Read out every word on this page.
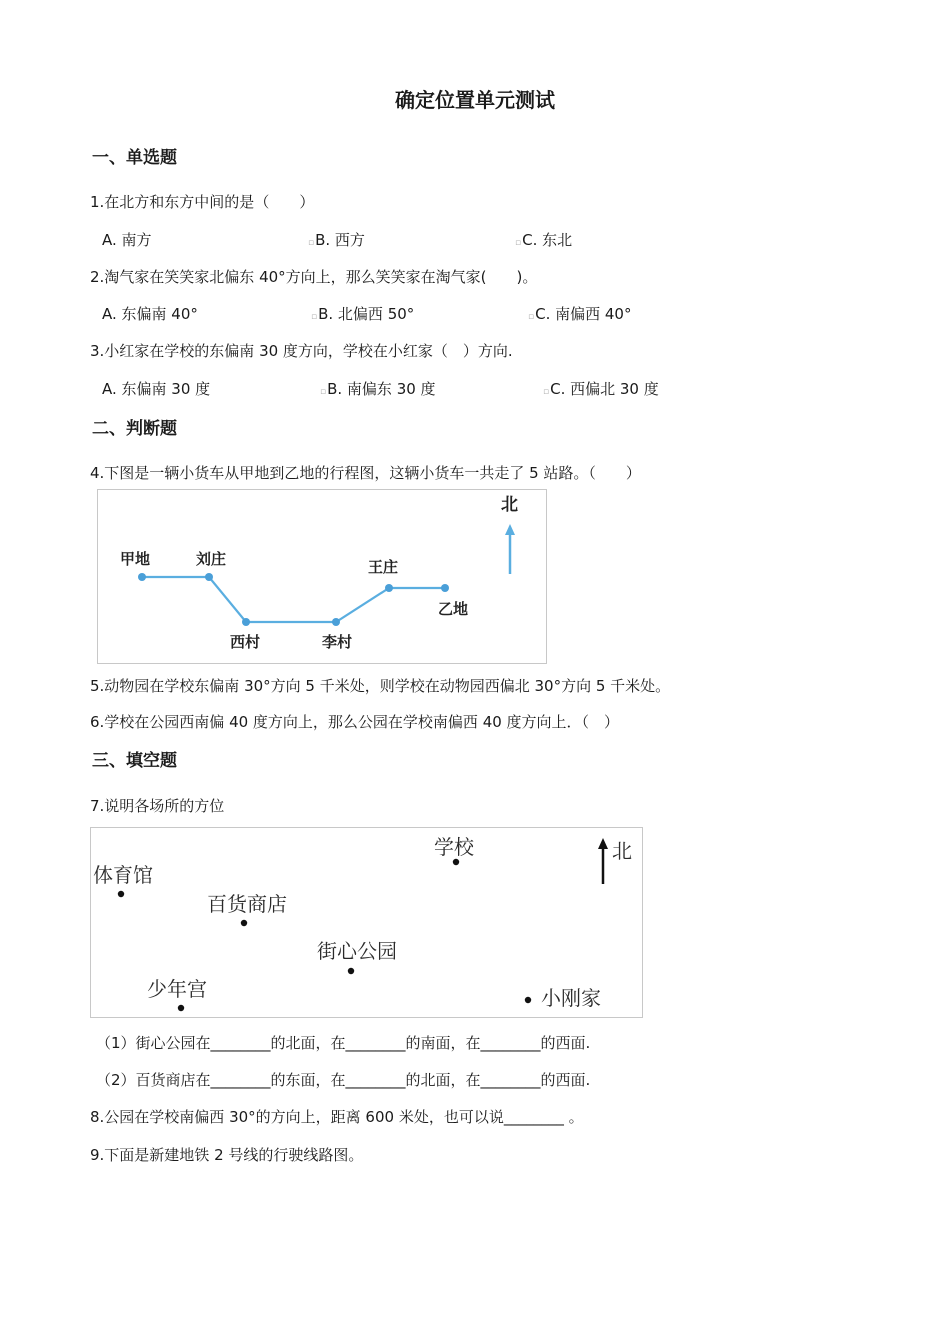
确定位置单元测试
一、单选题
1.在北方和东方中间的是（　　）
A. 南方	▫B. 西方	▫C. 东北
2.淘气家在笑笑家北偏东 40°方向上，那么笑笑家在淘气家(　　)。
A. 东偏南 40°	▫B. 北偏西 50°	▫C. 南偏西 40°
3.小红家在学校的东偏南 30 度方向，学校在小红家（　）方向.
A. 东偏南 30 度	▫B. 南偏东 30 度	▫C. 西偏北 30 度
二、判断题
4.下图是一辆小货车从甲地到乙地的行程图，这辆小货车一共走了 5 站路。（　　）
甲地	刘庄
西村	李村
王庄
乙地
北
5.动物园在学校东偏南 30°方向 5 千米处，则学校在动物园西偏北 30°方向 5 千米处。
6.学校在公园西南偏 40 度方向上，那么公园在学校南偏西 40 度方向上．（　）
三、填空题
7.说明各场所的方位
学校
体育馆
百货商店
街心公园
少年宫	小刚家
北
（1）街心公园在________的北面，在________的南面，在________的西面.
（2）百货商店在________的东面，在________的北面，在________的西面.
8.公园在学校南偏西 30°的方向上，距离 600 米处，也可以说________ 。
9.下面是新建地铁 2 号线的行驶线路图。
